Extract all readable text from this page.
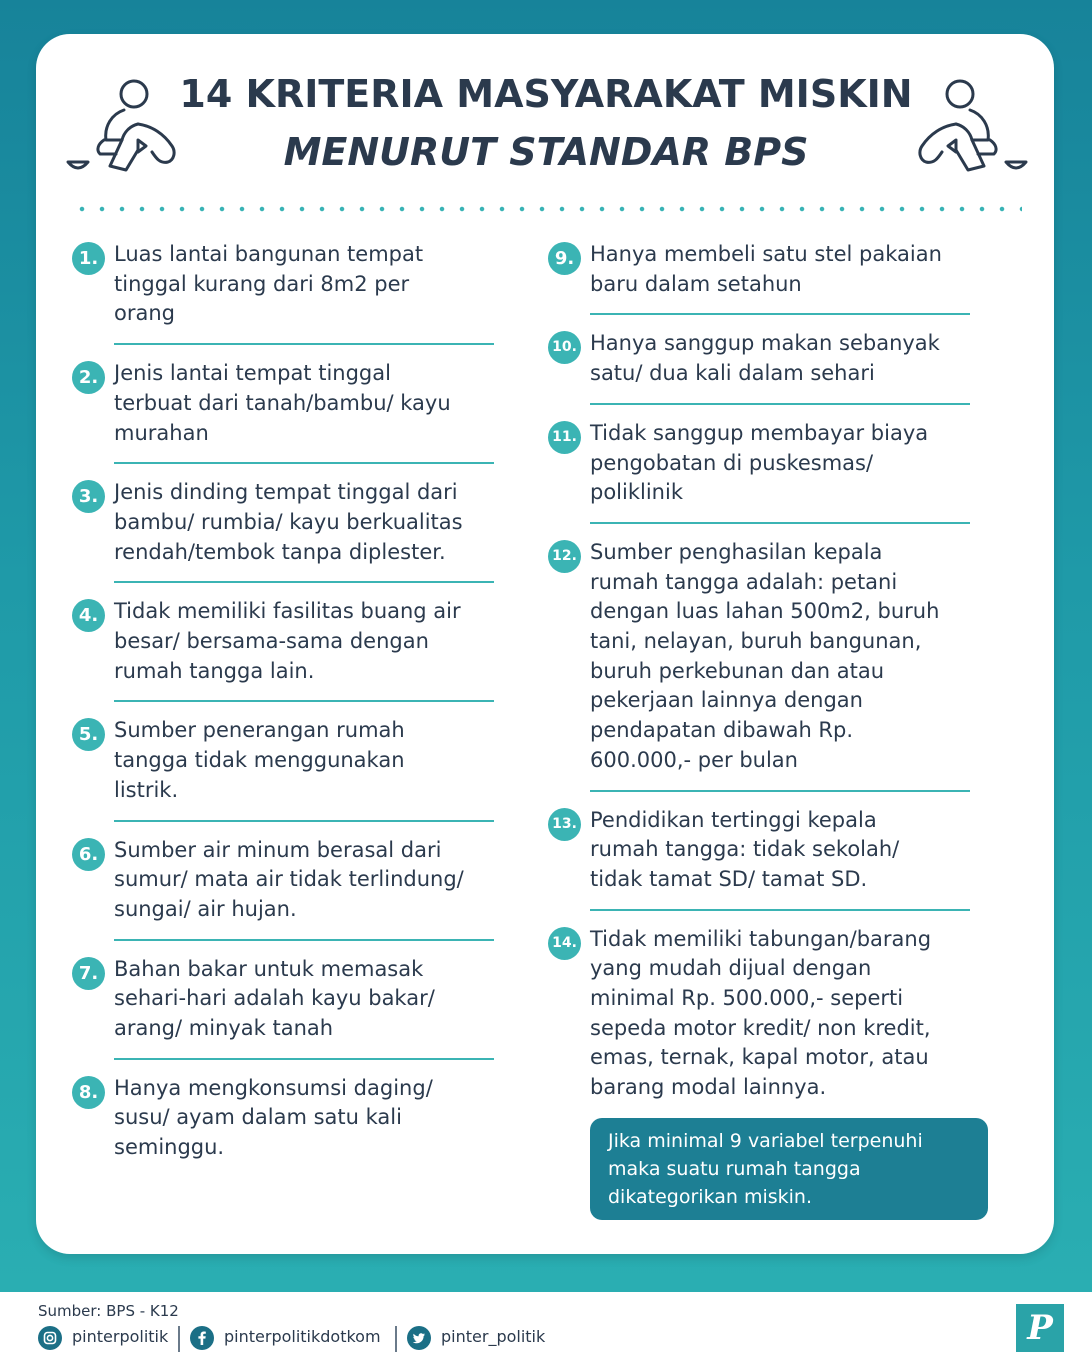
14 KRITERIA MASYARAKAT MISKIN
MENURUT STANDAR BPS
1. Luas lantai bangunan tempat
tinggal kurang dari 8m2 per
orang
2. Jenis lantai tempat tinggal
terbuat dari tanah/bambu/ kayu
murahan
3. Jenis dinding tempat tinggal dari
bambu/ rumbia/ kayu berkualitas
rendah/tembok tanpa diplester.
4. Tidak memiliki fasilitas buang air
besar/ bersama-sama dengan
rumah tangga lain.
5. Sumber penerangan rumah
tangga tidak menggunakan
listrik.
6. Sumber air minum berasal dari
sumur/ mata air tidak terlindung/
sungai/ air hujan.
7. Bahan bakar untuk memasak
sehari-hari adalah kayu bakar/
arang/ minyak tanah
8. Hanya mengkonsumsi daging/
susu/ ayam dalam satu kali
seminggu.
9. Hanya membeli satu stel pakaian
baru dalam setahun
10. Hanya sanggup makan sebanyak
satu/ dua kali dalam sehari
11. Tidak sanggup membayar biaya
pengobatan di puskesmas/
poliklinik
12. Sumber penghasilan kepala
rumah tangga adalah: petani
dengan luas lahan 500m2, buruh
tani, nelayan, buruh bangunan,
buruh perkebunan dan atau
pekerjaan lainnya dengan
pendapatan dibawah Rp.
600.000,- per bulan
13. Pendidikan tertinggi kepala
rumah tangga: tidak sekolah/
tidak tamat SD/ tamat SD.
14. Tidak memiliki tabungan/barang
yang mudah dijual dengan
minimal Rp. 500.000,- seperti
sepeda motor kredit/ non kredit,
emas, ternak, kapal motor, atau
barang modal lainnya.
Jika minimal 9 variabel terpenuhi
maka suatu rumah tangga
dikategorikan miskin.
Sumber: BPS - K12
pinterpolitik	pinterpolitikdotkom	pinter_politik	P
